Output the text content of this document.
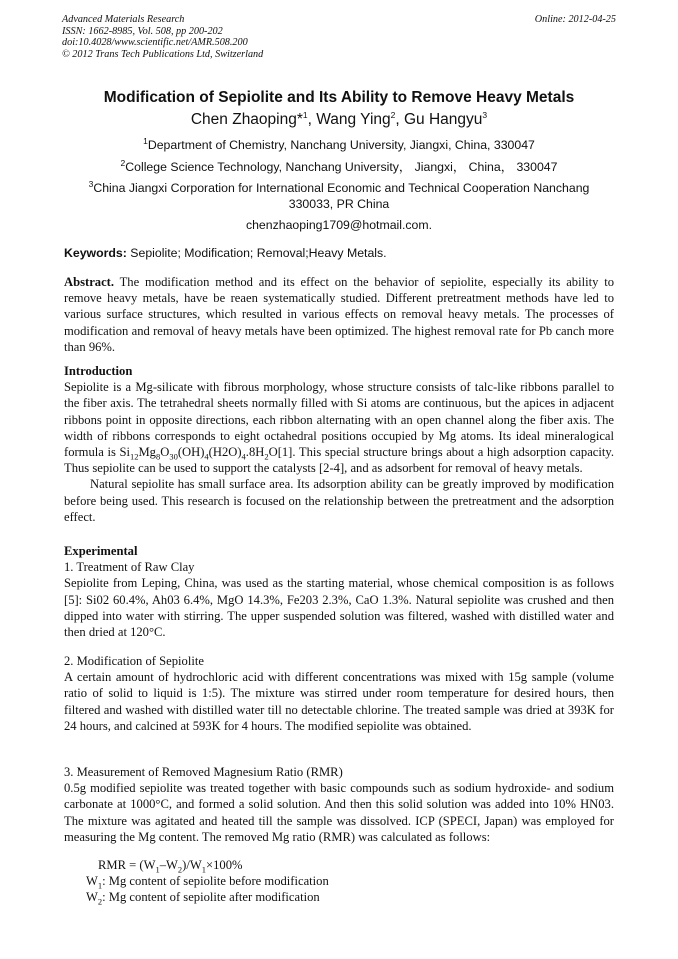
Advanced Materials Research
ISSN: 1662-8985, Vol. 508, pp 200-202
doi:10.4028/www.scientific.net/AMR.508.200
© 2012 Trans Tech Publications Ltd, Switzerland
Online: 2012-04-25
Modification of Sepiolite and Its Ability to Remove Heavy Metals
Chen Zhaoping*$^1$, Wang Ying$^2$, Gu Hangyu$^3$
$^1$Department of Chemistry, Nanchang University, Jiangxi, China, 330047
$^2$College Science Technology, Nanchang University， Jiangxi， China， 330047
$^3$China Jiangxi Corporation for International Economic and Technical Cooperation Nanchang 330033, PR China
chenzhaoping1709@hotmail.com.
Keywords: Sepiolite; Modification; Removal;Heavy Metals.
Abstract. The modification method and its effect on the behavior of sepiolite, especially its ability to remove heavy metals, have be reaen systematically studied. Different pretreatment methods have led to various surface structures, which resulted in various effects on removal heavy metals. The processes of modification and removal of heavy metals have been optimized. The highest removal rate for Pb canch more than 96%.
Introduction
Sepiolite is a Mg-silicate with fibrous morphology, whose structure consists of talc-like ribbons parallel to the fiber axis. The tetrahedral sheets normally filled with Si atoms are continuous, but the apices in adjacent ribbons point in opposite directions, each ribbon alternating with an open channel along the fiber axis. The width of ribbons corresponds to eight octahedral positions occupied by Mg atoms. Its ideal mineralogical formula is $Si_{12}Mg_8O_{30}(OH)_4(H2O)_4.8H_2O[1]$. This special structure brings about a high adsorption capacity. Thus sepiolite can be used to support the catalysts [2-4], and as adsorbent for removal of heavy metals.
Natural sepiolite has small surface area. Its adsorption ability can be greatly improved by modification before being used. This research is focused on the relationship between the pretreatment and the adsorption effect.
Experimental
1. Treatment of Raw Clay
Sepiolite from Leping, China, was used as the starting material, whose chemical composition is as follows [5]: Si02 60.4%, Ah03 6.4%, MgO 14.3%, Fe203 2.3%, CaO 1.3%. Natural sepiolite was crushed and then dipped into water with stirring. The upper suspended solution was filtered, washed with distilled water and then dried at 120°C.
2. Modification of Sepiolite
A certain amount of hydrochloric acid with different concentrations was mixed with 15g sample (volume ratio of solid to liquid is 1:5). The mixture was stirred under room temperature for desired hours, then filtered and washed with distilled water till no detectable chlorine. The treated sample was dried at 393K for 24 hours, and calcined at 593K for 4 hours. The modified sepiolite was obtained.
3. Measurement of Removed Magnesium Ratio (RMR)
0.5g modified sepiolite was treated together with basic compounds such as sodium hydroxide- and sodium carbonate at 1000°C, and formed a solid solution. And then this solid solution was added into 10% HN03. The mixture was agitated and heated till the sample was dissolved. ICP (SPECI, Japan) was employed for measuring the Mg content. The removed Mg ratio (RMR) was calculated as follows:
RMR = $(W_1-W_2)/W_1\times 100\%$
$W_1$: Mg content of sepiolite before modification
$W_2$: Mg content of sepiolite after modification
